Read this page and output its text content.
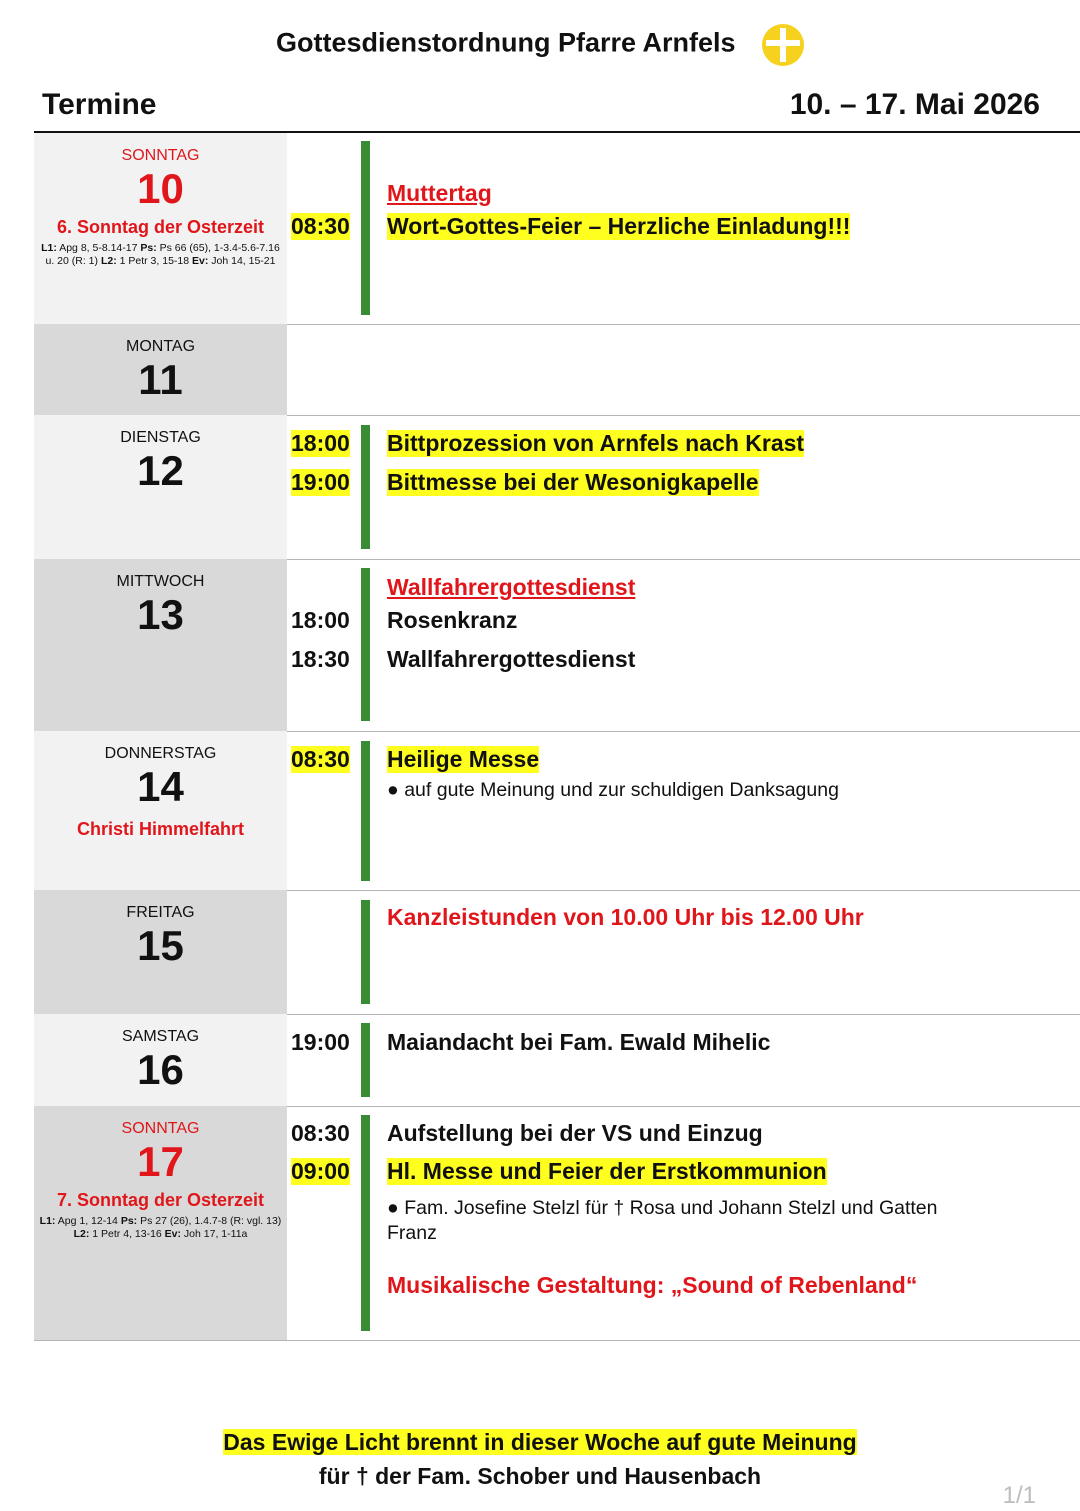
Gottesdienstordnung Pfarre Arnfels
Termine	10. – 17. Mai 2026
SONNTAG
10
6. Sonntag der Osterzeit
L1: Apg 8, 5-8.14-17 Ps: Ps 66 (65), 1-3.4-5.6-7.16 u. 20 (R: 1) L2: 1 Petr 3, 15-18 Ev: Joh 14, 15-21
Muttertag
08:30 Wort-Gottes-Feier – Herzliche Einladung!!!
MONTAG
11
DIENSTAG
12
18:00 Bittprozession von Arnfels nach Krast
19:00 Bittmesse bei der Wesonigkapelle
MITTWOCH
13
Wallfahrergottesdienst
18:00 Rosenkranz
18:30 Wallfahrergottesdienst
DONNERSTAG
14
Christi Himmelfahrt
08:30 Heilige Messe
● auf gute Meinung und zur schuldigen Danksagung
FREITAG
15
Kanzleistunden von 10.00 Uhr bis 12.00 Uhr
SAMSTAG
16
19:00 Maiandacht bei Fam. Ewald Mihelic
SONNTAG
17
7. Sonntag der Osterzeit
L1: Apg 1, 12-14 Ps: Ps 27 (26), 1.4.7-8 (R: vgl. 13) L2: 1 Petr 4, 13-16 Ev: Joh 17, 1-11a
08:30 Aufstellung bei der VS und Einzug
09:00 Hl. Messe und Feier der Erstkommunion
● Fam. Josefine Stelzl für † Rosa und Johann Stelzl und Gatten Franz
Musikalische Gestaltung: „Sound of Rebenland“
Das Ewige Licht brennt in dieser Woche auf gute Meinung
für † der Fam. Schober und Hausenbach
1/1
